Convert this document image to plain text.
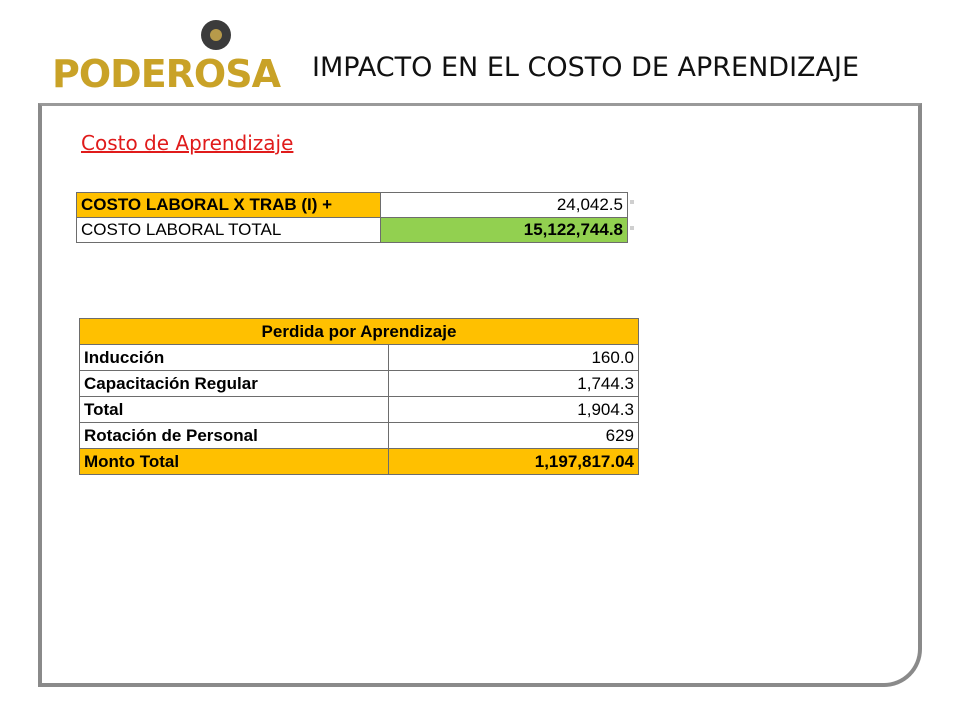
PODEROSA IMPACTO EN EL COSTO DE APRENDIZAJE
Costo de Aprendizaje
COSTO LABORAL X TRAB (I) +	24,042.5
COSTO LABORAL TOTAL	15,122,744.8
Perdida por Aprendizaje	
Inducción	160.0
Capacitación Regular	1,744.3
Total	1,904.3
Rotación de Personal	629
Monto Total	1,197,817.04
